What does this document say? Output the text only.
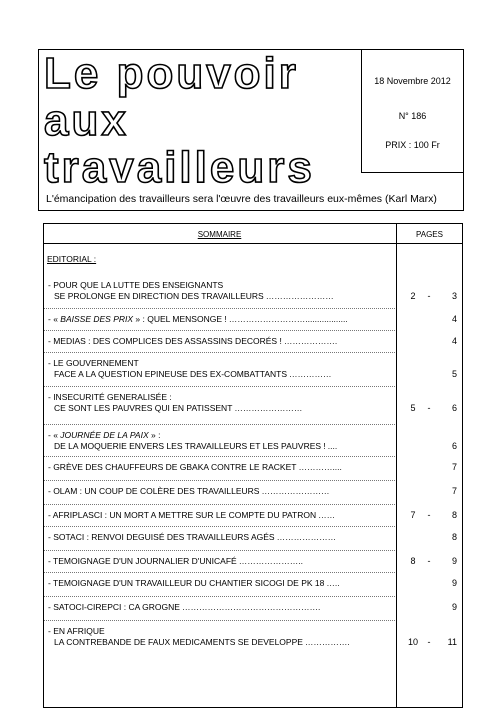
Le pouvoir
aux
travailleurs
18 Novembre 2012
N° 186
PRIX : 100 Fr
L'émancipation des travailleurs sera l'œuvre des travailleurs eux-mêmes (Karl Marx)
SOMMAIRE	PAGES
EDITORIAL :
- POUR QUE LA LUTTE DES ENSEIGNANTS
SE PROLONGE EN DIRECTION DES TRAVAILLEURS ……………………	2	-	3
- « BAISSE DES PRIX » : QUEL MENSONGE ! ………………………..................	4
- MEDIAS : DES COMPLICES DES ASSASSINS DECORÉS ! ……………….	4
- LE GOUVERNEMENT
FACE A LA QUESTION EPINEUSE DES EX-COMBATTANTS ……………	5
- INSECURITÉ GENERALISÉE :
CE SONT LES PAUVRES QUI EN PATISSENT ……………………	5	-	6
- « JOURNÉE DE LA PAIX » :
DE LA MOQUERIE ENVERS LES TRAVAILLEURS ET LES PAUVRES ! ....	6
- GRÈVE DES CHAUFFEURS DE GBAKA CONTRE LE RACKET …………....	7
- OLAM : UN COUP DE COLÈRE DES TRAVAILLEURS ……………………	7
- AFRIPLASCI : UN MORT A METTRE SUR LE COMPTE DU PATRON ……	7	-	8
- SOTACI : RENVOI DEGUISÉ DES TRAVAILLEURS AGÉS …………………	8
- TEMOIGNAGE D'UN JOURNALIER D'UNICAFÉ …………………..	8	-	9
- TEMOIGNAGE D'UN TRAVAILLEUR DU CHANTIER SICOGI DE PK 18 …..	9
- SATOCI-CIREPCI : CA GROGNE ………………………………………….	9
- EN AFRIQUE
LA CONTREBANDE DE FAUX MEDICAMENTS SE DEVELOPPE …………….	10	-	11
